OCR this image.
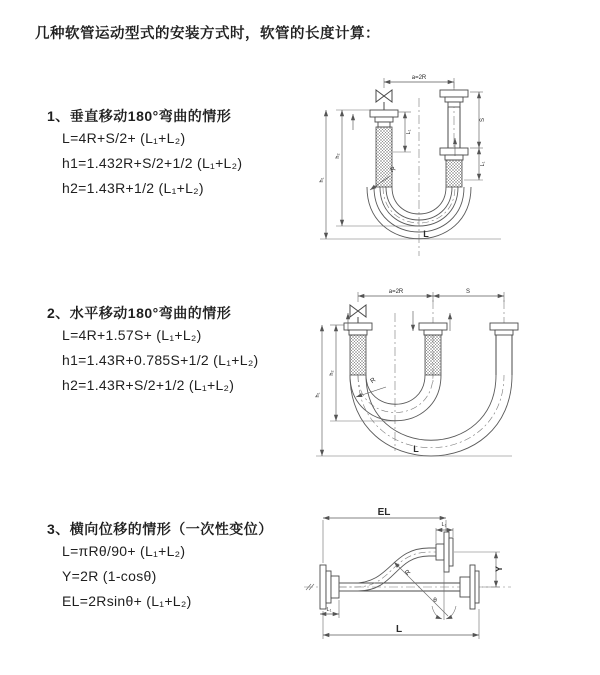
几种软管运动型式的安装方式时，软管的长度计算：
1、垂直移动180°弯曲的情形
L=4R+S/2+ (L₁+L₂)
h1=1.432R+S/2+1/2 (L₁+L₂)
h2=1.43R+1/2 (L₁+L₂)
2、水平移动180°弯曲的情形
L=4R+1.57S+ (L₁+L₂)
h1=1.43R+0.785S+1/2 (L₁+L₂)
h2=1.43R+S/2+1/2 (L₁+L₂)
3、横向位移的情形（一次性变位）
L=πRθ/90+ (L₁+L₂)
Y=2R (1-cosθ)
EL=2Rsinθ+ (L₁+L₂)
a=2R
S
L₁
L₁
h₂
h₁
R
L
a=2R	S
h₂
h₁
R
L
EL
L₁
Y
L₁
L
θ
R
